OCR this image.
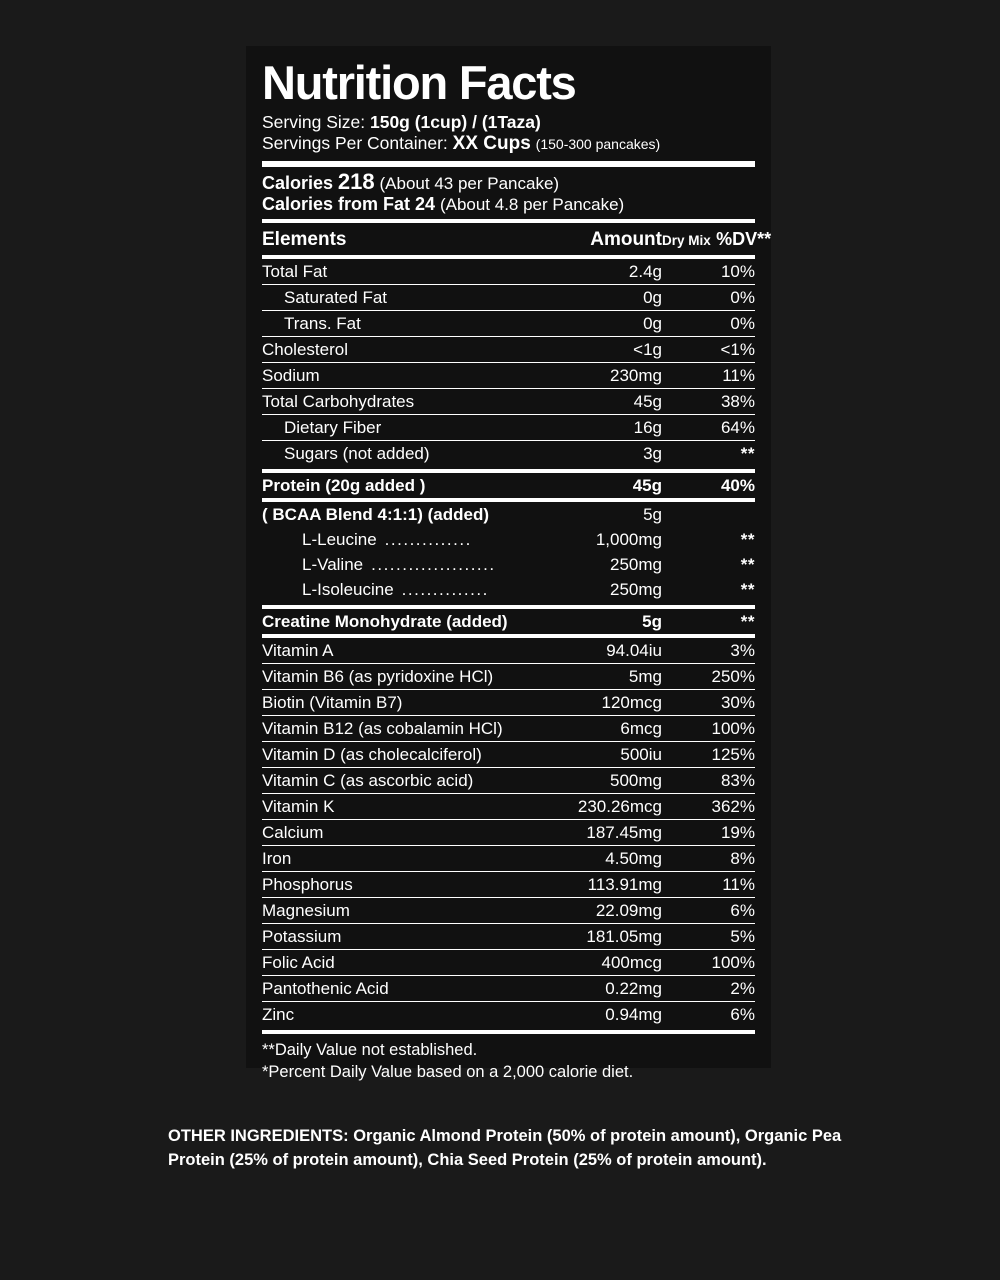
Nutrition Facts
Serving Size: 150g (1cup) / (1Taza)
Servings Per Container: XX Cups (150-300 pancakes)
Calories 218 (About 43 per Pancake)
Calories from Fat 24 (About 4.8 per Pancake)
Elements	Amount	Dry Mix %DV**
Total Fat	2.4g	10%
Saturated Fat	0g	0%
Trans. Fat	0g	0%
Cholesterol	<1g	<1%
Sodium	230mg	11%
Total Carbohydrates	45g	38%
Dietary Fiber	16g	64%
Sugars (not added)	3g	**
Protein (20g added )	45g	40%
( BCAA Blend 4:1:1) (added)	5g	

L-Leucine .............. 1,000mg		**

L-Valine .................... 250mg		**

L-Isoleucine .............. 250mg		**
Creatine Monohydrate (added)	5g	**
Vitamin A	94.04iu	3%
Vitamin B6 (as pyridoxine HCl)	5mg	250%
Biotin (Vitamin B7)	120mcg	30%
Vitamin B12 (as cobalamin HCl)	6mcg	100%
Vitamin D (as cholecalciferol)	500iu	125%
Vitamin C (as ascorbic acid)	500mg	83%
Vitamin K	230.26mcg	362%
Calcium	187.45mg	19%
Iron	4.50mg	8%
Phosphorus	113.91mg	11%
Magnesium	22.09mg	6%
Potassium	181.05mg	5%
Folic Acid	400mcg	100%
Pantothenic Acid	0.22mg	2%
Zinc	0.94mg	6%
**Daily Value not established.
*Percent Daily Value based on a 2,000 calorie diet.
OTHER INGREDIENTS: Organic Almond Protein (50% of protein amount), Organic Pea Protein (25% of protein amount), Chia Seed Protein (25% of protein amount).
